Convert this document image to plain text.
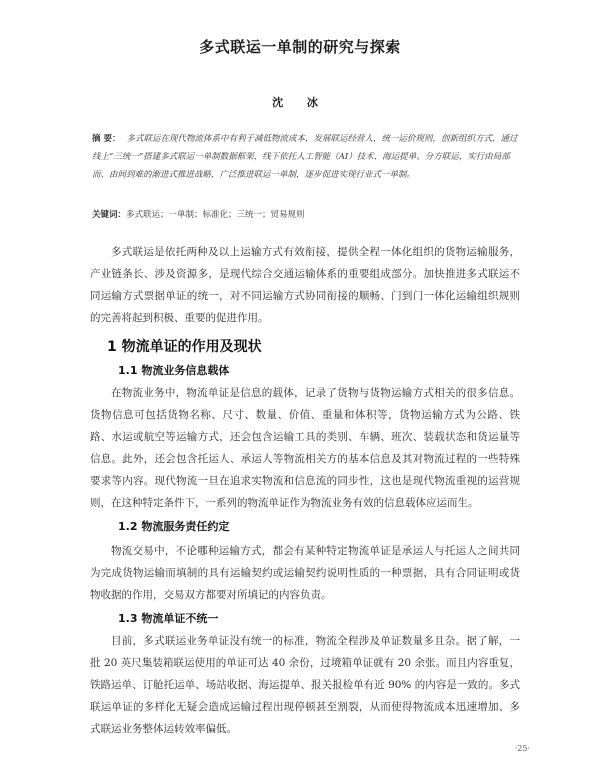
多式联运一单制的研究与探索
沈 冰
摘 要： 多式联运在现代物流体系中有利于减低物流成本，发展联运经营人，统一运价规则，创新组织方式，通过线上“三统一”搭建多式联运一单制数据框架，线下依托人工智能（AI）技术、海运提单、分方联运，实行由局部而、由间到难的渐进式推进战略，广泛推进联运一单制，逐步促进实现行业式一单制。
关键词：多式联运；一单制；标准化；三统一；贸易规则
多式联运是依托两种及以上运输方式有效衔接，提供全程一体化组织的货物运输服务，产业链条长、涉及资源多，是现代综合交通运输体系的重要组成部分。加快推进多式联运不同运输方式票据单证的统一，对不同运输方式协同衔接的顺畅、门到门一体化运输组织规则的完善将起到积极、重要的促进作用。
1 物流单证的作用及现状
1.1 物流业务信息载体
在物流业务中，物流单证是信息的载体，记录了货物与货物运输方式相关的很多信息。货物信息可包括货物名称、尺寸、数量、价值、重量和体积等，货物运输方式为公路、铁路、水运或航空等运输方式，还会包含运输工具的类别、车辆、班次、装载状态和货运量等信息。此外，还会包含托运人、承运人等物流相关方的基本信息及其对物流过程的一些特殊要求等内容。现代物流一旦在追求实物流和信息流的同步性，这也是现代物流重视的运营规则，在这种特定条件下，一系列的物流单证作为物流业务有效的信息载体应运而生。
1.2 物流服务责任约定
物流交易中，不论哪种运输方式，都会有某种特定物流单证是承运人与托运人之间共同为完成货物运输而填制的具有运输契约或运输契约说明性质的一种票据，具有合同证明或货物收据的作用，交易双方都要对所填记的内容负责。
1.3 物流单证不统一
目前，多式联运业务单证没有统一的标准，物流全程涉及单证数量多且杂。据了解，一批 20 英尺集装箱联运使用的单证可达 40 余份，过境箱单证就有 20 余张。而且内容重复，铁路运单、订舱托运单、场站收据、海运提单、报关报检单有近 90% 的内容是一致的。多式联运单证的多样化无疑会造成运输过程出现停顿甚至割裂，从而使得物流成本迅速增加、多式联运业务整体运转效率偏低。
·25·
